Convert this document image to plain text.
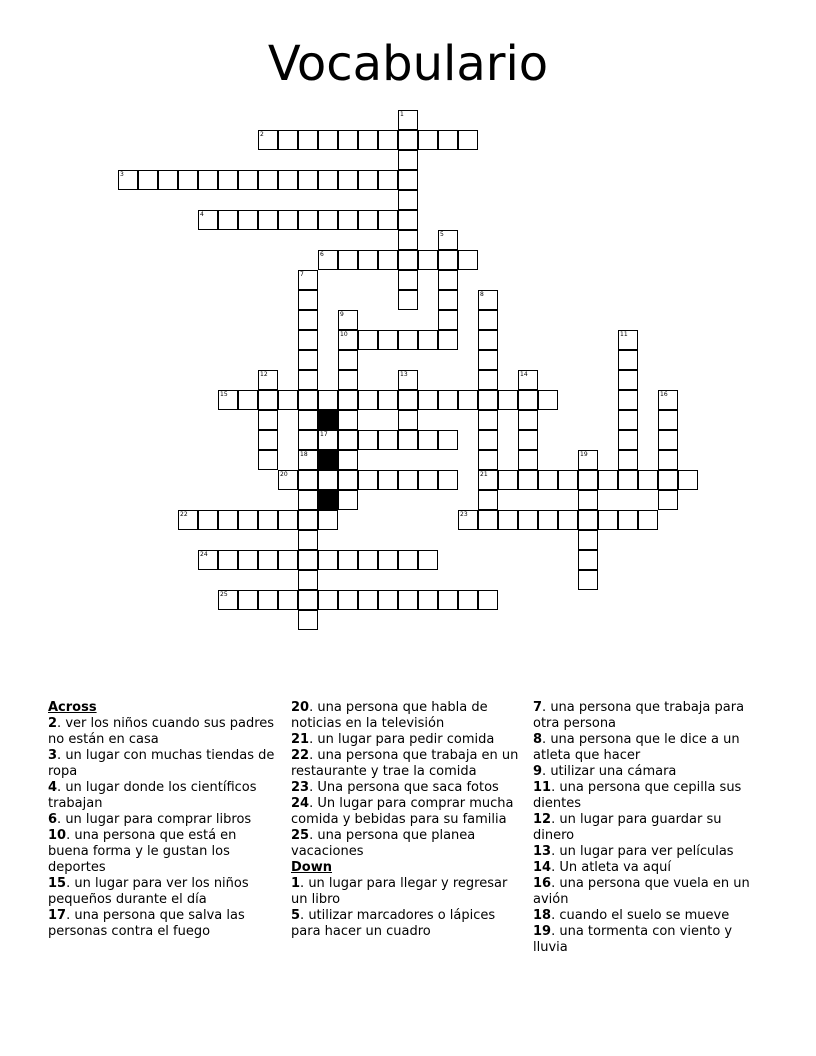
Vocabulario
1
2
3
4
5
6
7
18
8
21
9
10	11
12	13	14
15	16
17
19
20
22	23
24
25
Across
2. ver los niños cuando sus padres no están en casa
3. un lugar con muchas tiendas de ropa
4. un lugar donde los científicos trabajan
6. un lugar para comprar libros
10. una persona que está en buena forma y le gustan los deportes
15. un lugar para ver los niños pequeños durante el día
17. una persona que salva las personas contra el fuego
20. una persona que habla de noticias en la televisión
21. un lugar para pedir comida
22. una persona que trabaja en un restaurante y trae la comida
23. Una persona que saca fotos
24. Un lugar para comprar mucha comida y bebidas para su familia
25. una persona que planea vacaciones
Down
1. un lugar para llegar y regresar un libro
5. utilizar marcadores o lápices para hacer un cuadro
7. una persona que trabaja para otra persona
8. una persona que le dice a un atleta que hacer
9. utilizar una cámara
11. una persona que cepilla sus dientes
12. un lugar para guardar su dinero
13. un lugar para ver películas
14. Un atleta va aquí
16. una persona que vuela en un avión
18. cuando el suelo se mueve
19. una tormenta con viento y lluvia
